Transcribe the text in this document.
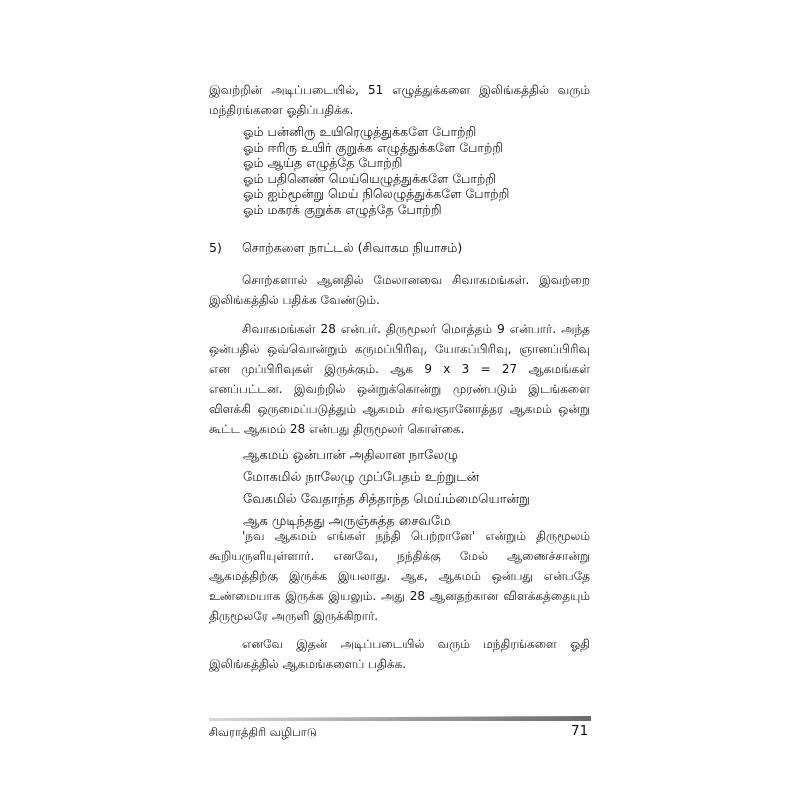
இவற்றின் அடிப்படையில், 51 எழுத்துக்களை இலிங்கத்தில் வரும் மந்திரங்களை ஓதிப்பதிக்க.

ஓம் பன்னிரு உயிரெழுத்துக்களே போற்றி
ஓம் ஈரிரு உயிர் குறுக்க எழுத்துக்களே போற்றி
ஓம் ஆய்த எழுத்தே போற்றி
ஓம் பதினெண் மெய்யெழுத்துக்களே போற்றி
ஓம் ஐம்மூன்று மெய் நிலெழுத்துக்களே போற்றி
ஓம் மகரக் குறுக்க எழுத்தே போற்றி
5) சொற்களை நாட்டல் (சிவாகம நியாசம்)

சொற்களால் ஆனதில் மேலானவை சிவாகமங்கள். இவற்றை இலிங்கத்தில் பதிக்க வேண்டும்.

சிவாகமங்கள் 28 என்பர். திருமூலர் மொத்தம் 9 என்பார். அந்த ஒன்பதில் ஒவ்வொன்றும் கருமப்பிரிவு, யோகப்பிரிவு, ஞானப்பிரிவு என முப்பிரிவுகள் இருக்கும். ஆக 9 x 3 = 27 ஆகமங்கள் எனப்பட்டன. இவற்றில் ஒன்றுக்கொன்று முரண்படும் இடங்களை விளக்கி ஒருமைப்படுத்தும் ஆகமம் சர்வஞானோத்தர ஆகமம் ஒன்று கூட்ட ஆகமம் 28 என்பது திருமூலர் கொள்கை.

ஆகமம் ஒன்பான் அதிலான நாலேழு
மோகமில் நாலேழு முப்பேதம் உற்றுடன்
வேகமில் வேதாந்த சித்தாந்த மெய்ம்மையொன்று
ஆக முடிந்தது அருஞ்சுத்த சைவமே

'நவ ஆகமம் எங்கள் நந்தி பெற்றானே' என்றும் திருமூலம் கூறியருளியுள்ளார். எனவே, நந்திக்கு மேல் ஆணைச்சான்று ஆகமத்திற்கு இருக்க இயலாது. ஆக, ஆகமம் ஒன்பது என்பதே உண்மையாக இருக்க இயலும். அது 28 ஆனதற்கான விளக்கத்தையும் திருமூலரே அருளி இருக்கிறார்.

எனவே இதன் அடிப்படையில் வரும் மந்திரங்களை ஓதி இலிங்கத்தில் ஆகமங்களைப் பதிக்க.

சிவராத்திரி வழிபாடு	71
